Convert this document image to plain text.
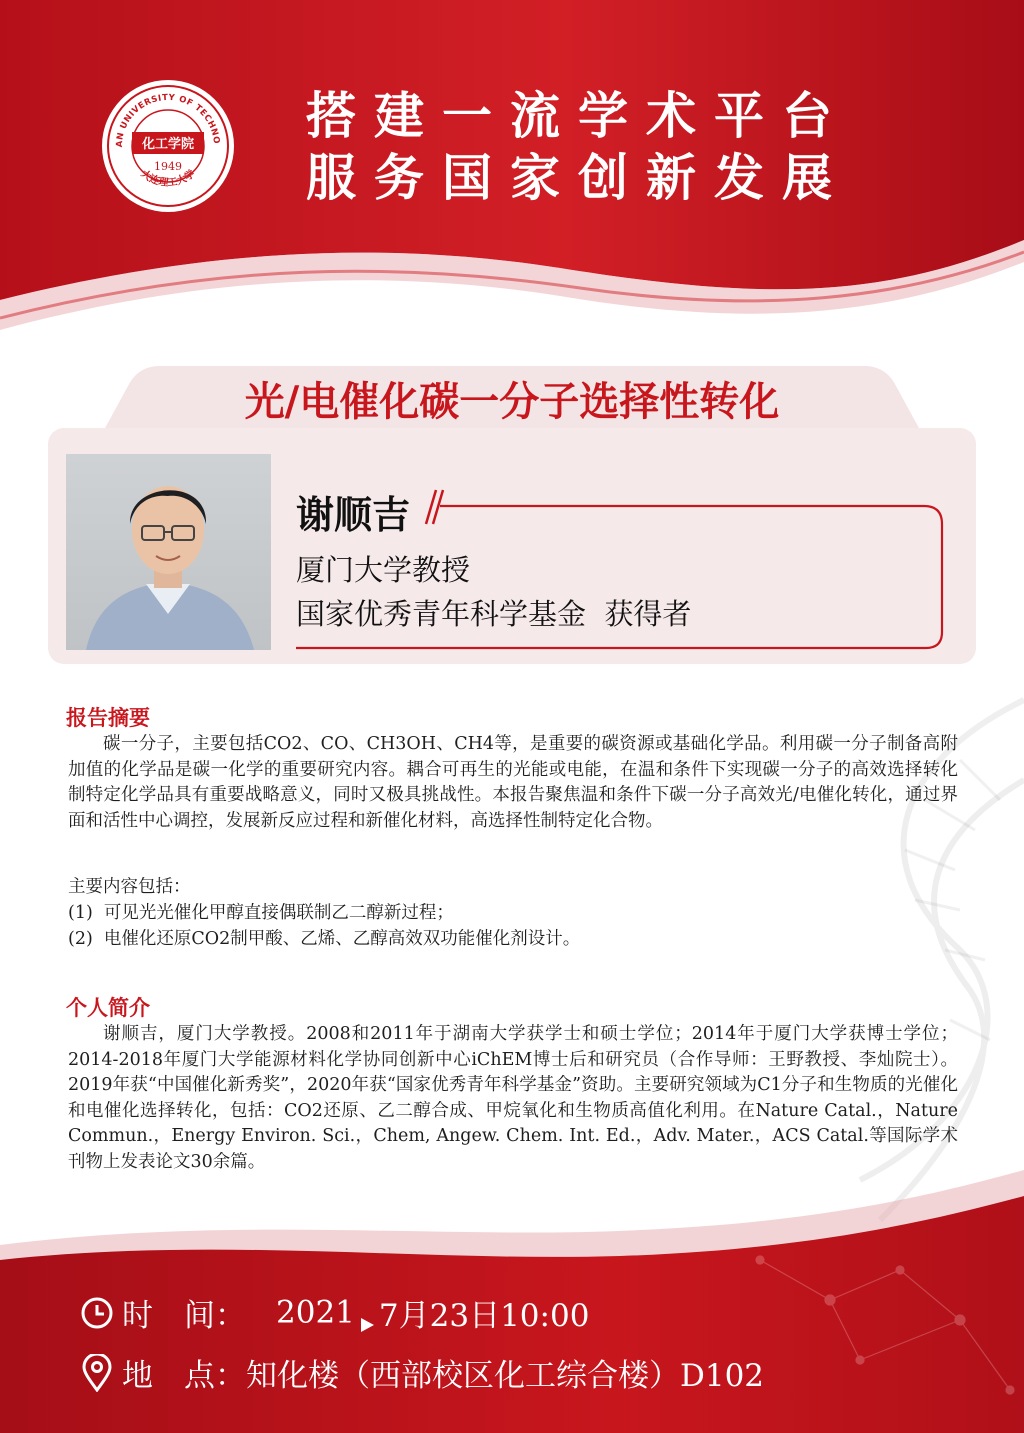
AN UNIVERSITY OF TECHNO
化工学院
1949
大连理工大学
搭建一流学术平台
服务国家创新发展
光/电催化碳一分子选择性转化
谢顺吉
厦门大学教授
国家优秀青年科学基金  获得者
报告摘要
碳一分子，主要包括CO2、CO、CH3OH、CH4等，是重要的碳资源或基础化学品。利用碳一分子制备高附加值的化学品是碳一化学的重要研究内容。耦合可再生的光能或电能，在温和条件下实现碳一分子的高效选择转化制特定化学品具有重要战略意义，同时又极具挑战性。本报告聚焦温和条件下碳一分子高效光/电催化转化，通过界面和活性中心调控，发展新反应过程和新催化材料，高选择性制特定化合物。
主要内容包括：
(1)  可见光光催化甲醇直接偶联制乙二醇新过程；
(2)  电催化还原CO2制甲酸、乙烯、乙醇高效双功能催化剂设计。
个人简介
谢顺吉，厦门大学教授。2008和2011年于湖南大学获学士和硕士学位；2014年于厦门大学获博士学位；2014-2018年厦门大学能源材料化学协同创新中心iChEM博士后和研究员（合作导师：王野教授、李灿院士）。2019年获“中国催化新秀奖”，2020年获“国家优秀青年科学基金”资助。主要研究领域为C1分子和生物质的光催化和电催化选择转化，包括：CO2还原、乙二醇合成、甲烷氧化和生物质高值化利用。在Nature Catal.，Nature Commun.，Energy Environ. Sci.，Chem, Angew. Chem. Int. Ed.，Adv. Mater.，ACS Catal.等国际学术刊物上发表论文30余篇。
时　间： 2021 7月23日10:00
地　点：知化楼（西部校区化工综合楼）D102
